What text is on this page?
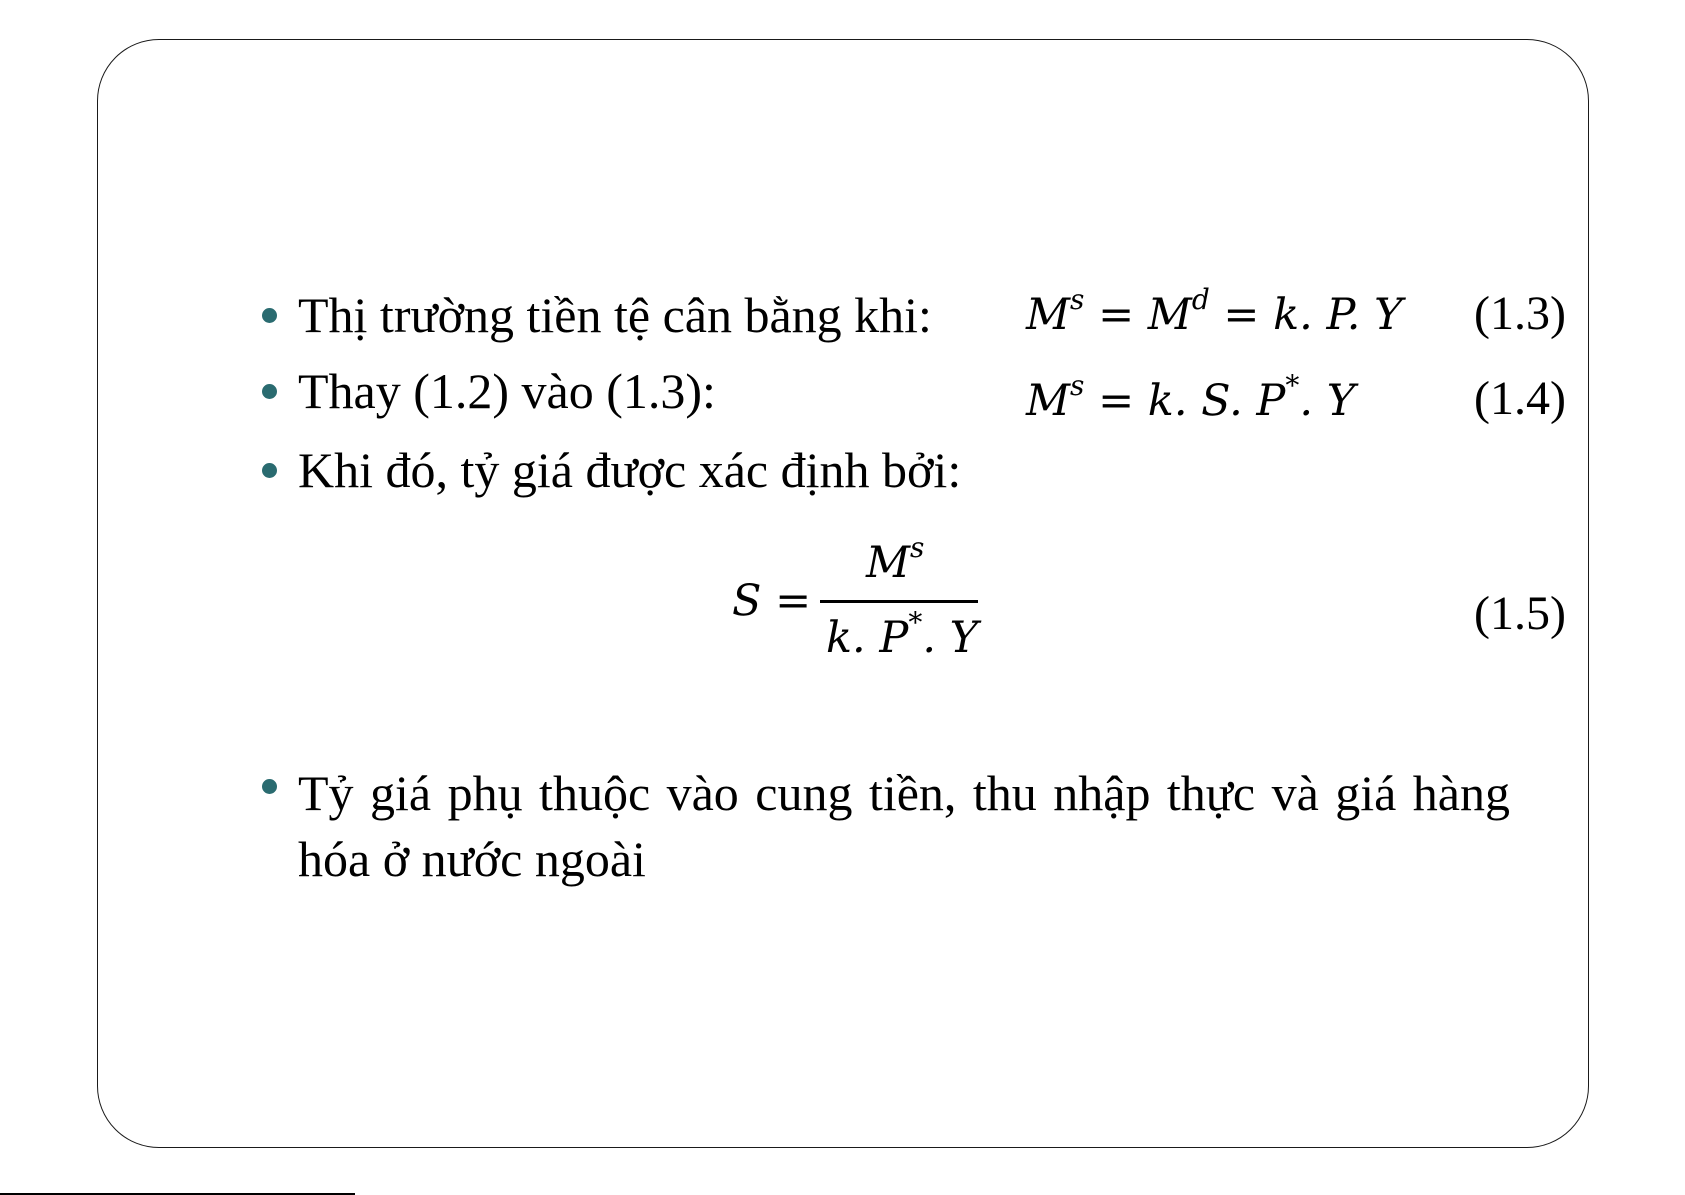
Thị trường tiền tệ cân bằng khi: $M^s = M^d = k$. P. Y	(1.3)
Thay (1.2) vào (1.3):	$M^s = k$. S. P*. Y	(1.4)
Khi đó, tỷ giá được xác định bởi:
S =
$M^s$
k. P*. Y	(1.5)
Tỷ giá phụ thuộc vào cung tiền, thu nhập thực và giá hàng hóa ở nước ngoài
